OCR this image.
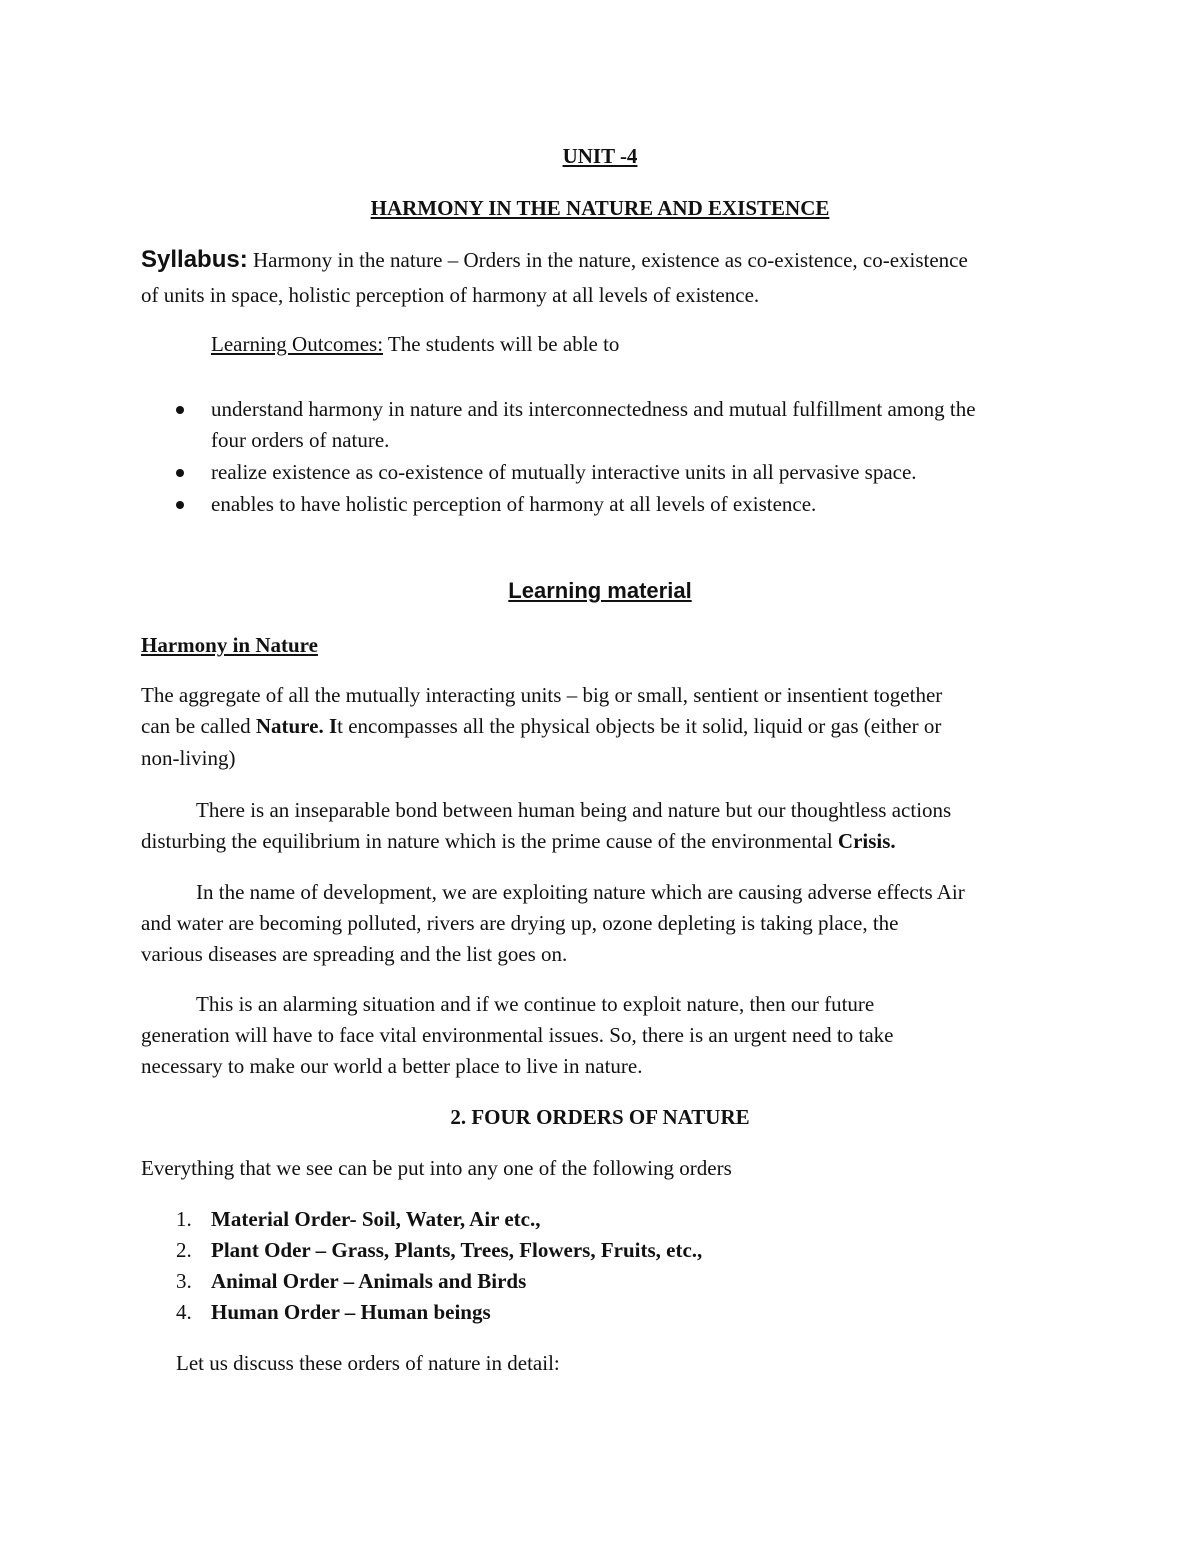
UNIT -4
HARMONY IN THE NATURE AND EXISTENCE
Syllabus: Harmony in the nature – Orders in the nature, existence as co-existence, co-existence
of units in space, holistic perception of harmony at all levels of existence.
Learning Outcomes: The students will be able to
understand harmony in nature and its interconnectedness and mutual fulfillment among the
four orders of nature.
realize existence as co-existence of mutually interactive units in all pervasive space.
enables to have holistic perception of harmony at all levels of existence.
Learning material
Harmony in Nature
The aggregate of all the mutually interacting units – big or small, sentient or insentient together
can be called Nature. It encompasses all the physical objects be it solid, liquid or gas (either or
non-living)
There is an inseparable bond between human being and nature but our thoughtless actions
disturbing the equilibrium in nature which is the prime cause of the environmental Crisis.
In the name of development, we are exploiting nature which are causing adverse effects Air
and water are becoming polluted, rivers are drying up, ozone depleting is taking place, the
various diseases are spreading and the list goes on.
This is an alarming situation and if we continue to exploit nature, then our future
generation will have to face vital environmental issues. So, there is an urgent need to take
necessary to make our world a better place to live in nature.
2. FOUR ORDERS OF NATURE
Everything that we see can be put into any one of the following orders
1. Material Order- Soil, Water, Air etc.,
2. Plant Oder – Grass, Plants, Trees, Flowers, Fruits, etc.,
3. Animal Order – Animals and Birds
4. Human Order – Human beings
Let us discuss these orders of nature in detail:
